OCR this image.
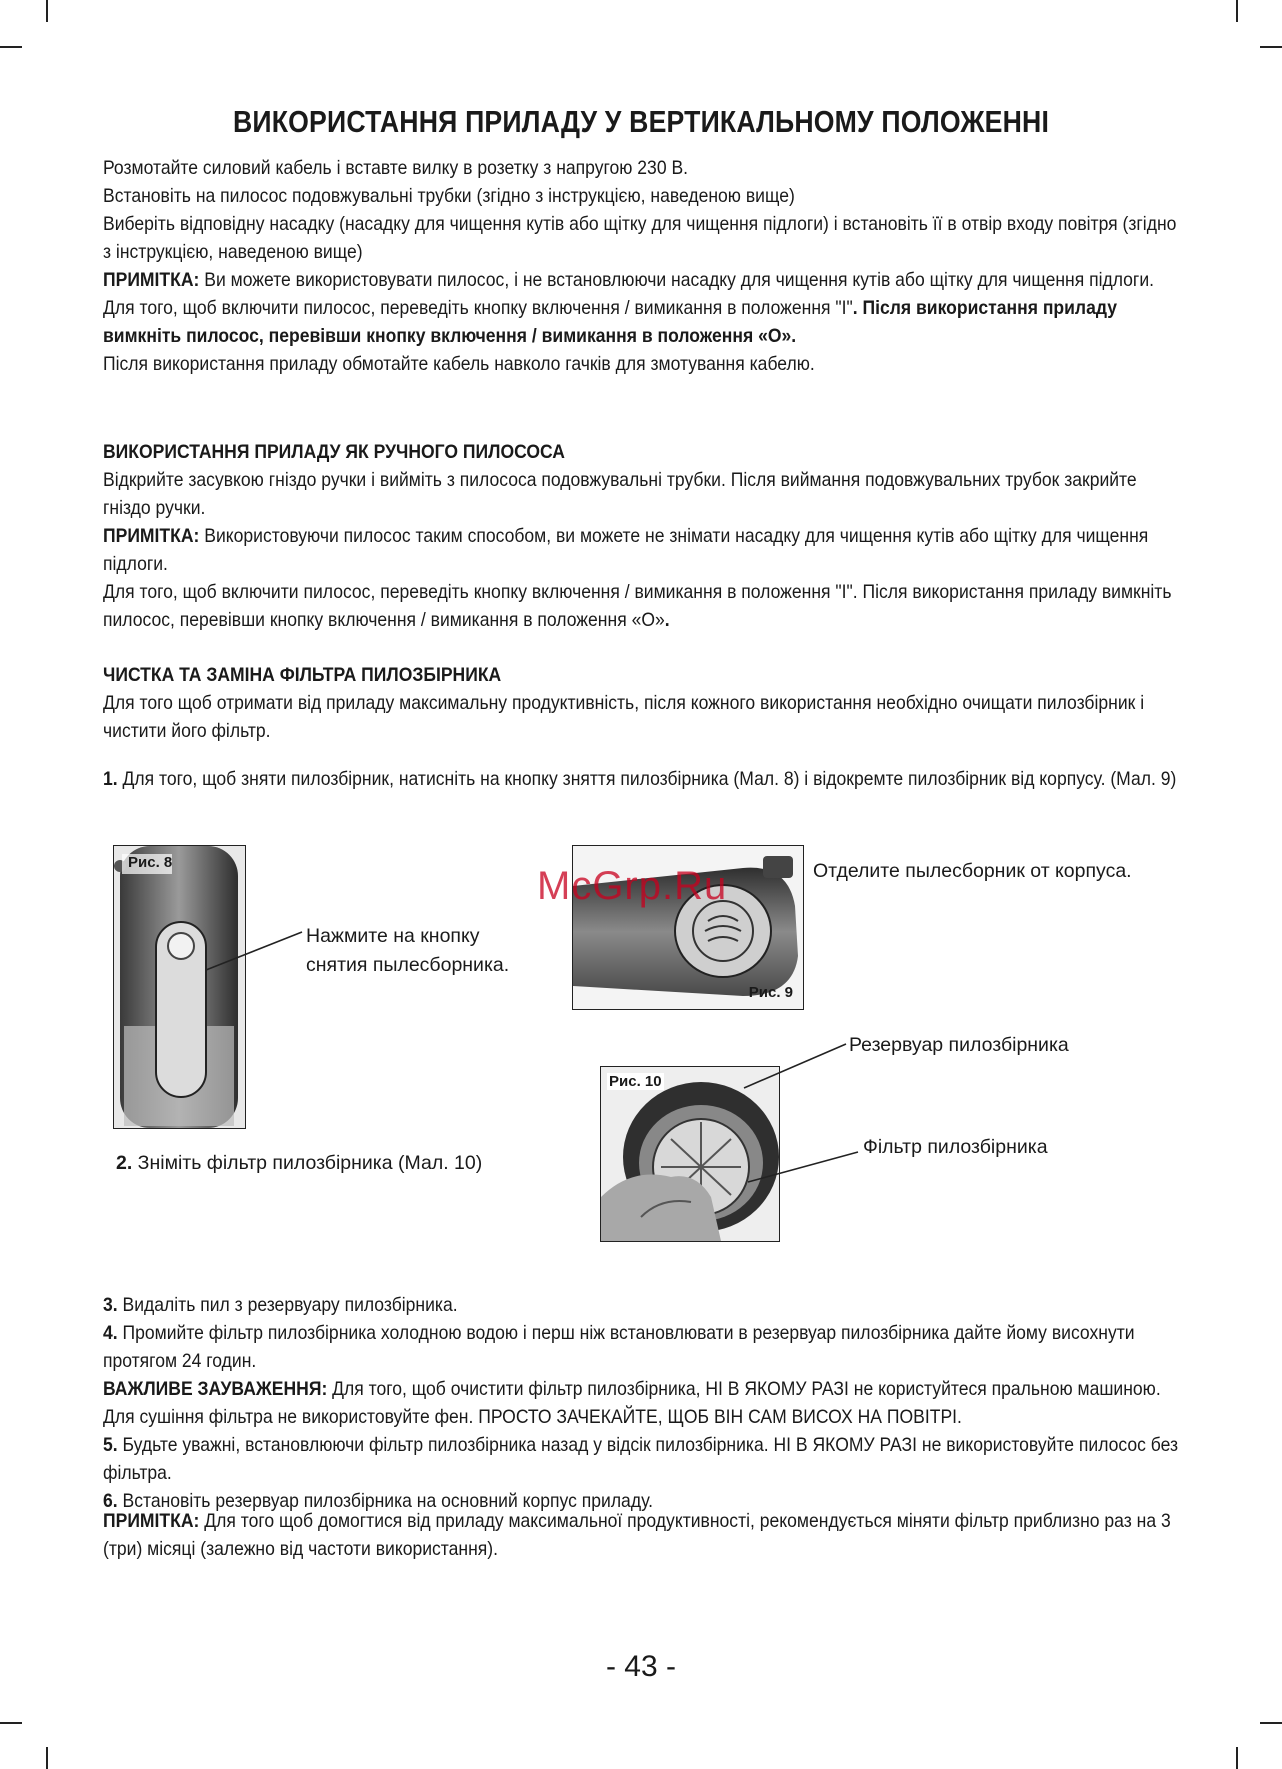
ВИКОРИСТАННЯ ПРИЛАДУ У ВЕРТИКАЛЬНОМУ ПОЛОЖЕННІ

Розмотайте силовий кабель і вставте вилку в розетку з напругою 230 В.

Встановіть на пилосос подовжувальні трубки (згідно з інструкцією, наведеною вище)

Виберіть відповідну насадку (насадку для чищення кутів або щітку для чищення підлоги) і встановіть її в отвір входу повітря (згідно з інструкцією, наведеною вище)

ПРИМІТКА: Ви можете використовувати пилосос, і не встановлюючи насадку для чищення кутів або щітку для чищення підлоги.

Для того, щоб включити пилосос, переведіть кнопку включення / вимикання в положення "I". Після використання приладу вимкніть пилосос, перевівши кнопку включення / вимикання в положення «O».

Після використання приладу обмотайте кабель навколо гачків для змотування кабелю.

ВИКОРИСТАННЯ ПРИЛАДУ ЯК РУЧНОГО ПИЛОСОСА

Відкрийте засувкою гніздо ручки і вийміть з пилососа подовжувальні трубки. Після виймання подовжувальних трубок закрийте гніздо ручки.

ПРИМІТКА: Використовуючи пилосос таким способом, ви можете не знімати насадку для чищення кутів або щітку для чищення підлоги.

Для того, щоб включити пилосос, переведіть кнопку включення / вимикання в положення "I". Після використання приладу вимкніть пилосос, перевівши кнопку включення / вимикання в положення «O».

ЧИСТКА ТА ЗАМІНА ФІЛЬТРА ПИЛОЗБІРНИКА

Для того щоб отримати від приладу максимальну продуктивність, після кожного використання необхідно очищати пилозбірник і чистити його фільтр.

1. Для того, щоб зняти пилозбірник, натисніть на кнопку зняття пилозбірника (Мал. 8) і відокремте пилозбірник від корпусу. (Мал. 9)

Рис. 8
Нажмите на кнопку
снятия пылесборника.
Рис. 9
Отделите пылесборник от корпуса.
McGrp.Ru
Рис. 10
Резервуар пилозбірника
Фільтр пилозбірника
2. Зніміть фільтр пилозбірника (Мал. 10)

3. Видаліть пил з резервуару пилозбірника.

4. Промийте фільтр пилозбірника холодною водою і перш ніж встановлювати в резервуар пилозбірника дайте йому висохнути протягом 24 годин.

ВАЖЛИВЕ ЗАУВАЖЕННЯ: Для того, щоб очистити фільтр пилозбірника, НІ В ЯКОМУ РАЗІ не користуйтеся пральною машиною. Для сушіння фільтра не використовуйте фен. ПРОСТО ЗАЧЕКАЙТЕ, ЩОБ ВІН САМ ВИСОХ НА ПОВІТРІ.

5. Будьте уважні, встановлюючи фільтр пилозбірника назад у відсік пилозбірника. НІ В ЯКОМУ РАЗІ не використовуйте пилосос без фільтра.

6. Встановіть резервуар пилозбірника на основний корпус приладу.

ПРИМІТКА: Для того щоб домогтися від приладу максимальної продуктивності, рекомендується міняти фільтр приблизно раз на 3 (три) місяці (залежно від частоти використання).

- 43 -
